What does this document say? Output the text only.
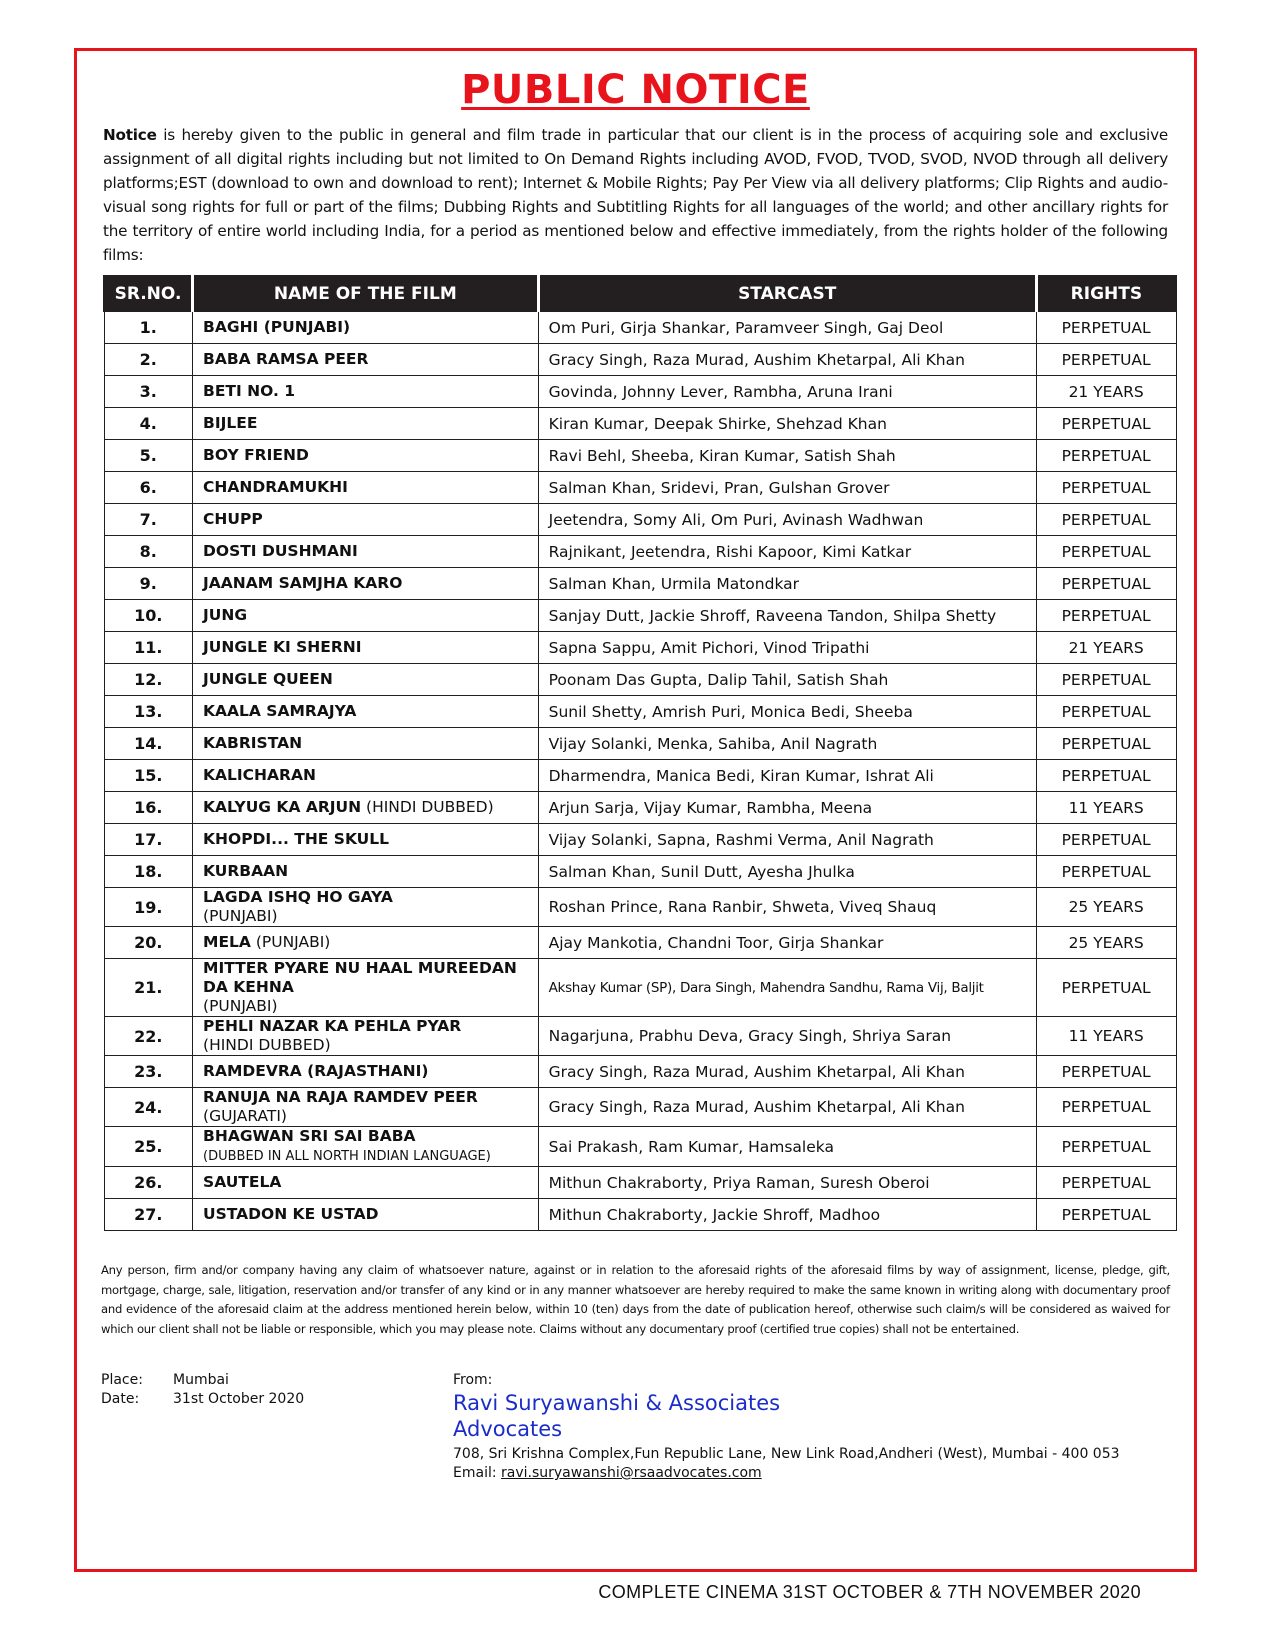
PUBLIC NOTICE
Notice is hereby given to the public in general and film trade in particular that our client is in the process of acquiring sole and exclusive assignment of all digital rights including but not limited to On Demand Rights including AVOD, FVOD, TVOD, SVOD, NVOD through all delivery platforms;EST (download to own and download to rent); Internet & Mobile Rights; Pay Per View via all delivery platforms; Clip Rights and audio-visual song rights for full or part of the films; Dubbing Rights and Subtitling Rights for all languages of the world; and other ancillary rights for the territory of entire world including India, for a period as mentioned below and effective immediately, from the rights holder of the following films:
SR.NO.	NAME OF THE FILM	STARCAST	RIGHTS
1.	BAGHI (PUNJABI)	Om Puri, Girja Shankar, Paramveer Singh, Gaj Deol	PERPETUAL
2.	BABA RAMSA PEER	Gracy Singh, Raza Murad, Aushim Khetarpal, Ali Khan	PERPETUAL
3.	BETI NO. 1	Govinda, Johnny Lever, Rambha, Aruna Irani	21 YEARS
4.	BIJLEE	Kiran Kumar, Deepak Shirke, Shehzad Khan	PERPETUAL
5.	BOY FRIEND	Ravi Behl, Sheeba, Kiran Kumar, Satish Shah	PERPETUAL
6.	CHANDRAMUKHI	Salman Khan, Sridevi, Pran, Gulshan Grover	PERPETUAL
7.	CHUPP	Jeetendra, Somy Ali, Om Puri, Avinash Wadhwan	PERPETUAL
8.	DOSTI DUSHMANI	Rajnikant, Jeetendra, Rishi Kapoor, Kimi Katkar	PERPETUAL
9.	JAANAM SAMJHA KARO	Salman Khan, Urmila Matondkar	PERPETUAL
10.	JUNG	Sanjay Dutt, Jackie Shroff, Raveena Tandon, Shilpa Shetty	PERPETUAL
11.	JUNGLE KI SHERNI	Sapna Sappu, Amit Pichori, Vinod Tripathi	21 YEARS
12.	JUNGLE QUEEN	Poonam Das Gupta, Dalip Tahil, Satish Shah	PERPETUAL
13.	KAALA SAMRAJYA	Sunil Shetty, Amrish Puri, Monica Bedi, Sheeba	PERPETUAL
14.	KABRISTAN	Vijay Solanki, Menka, Sahiba, Anil Nagrath	PERPETUAL
15.	KALICHARAN	Dharmendra, Manica Bedi, Kiran Kumar, Ishrat Ali	PERPETUAL
16.	KALYUG KA ARJUN (HINDI DUBBED)	Arjun Sarja, Vijay Kumar, Rambha, Meena	11 YEARS
17.	KHOPDI... THE SKULL	Vijay Solanki, Sapna, Rashmi Verma, Anil Nagrath	PERPETUAL
18.	KURBAAN	Salman Khan, Sunil Dutt, Ayesha Jhulka	PERPETUAL
19.	LAGDA ISHQ HO GAYA
(PUNJABI)	Roshan Prince, Rana Ranbir, Shweta, Viveq Shauq	25 YEARS
20.	MELA (PUNJABI)	Ajay Mankotia, Chandni Toor, Girja Shankar	25 YEARS
21.	MITTER PYARE NU HAAL MUREEDAN DA KEHNA
(PUNJABI)	Akshay Kumar (SP), Dara Singh, Mahendra Sandhu, Rama Vij, Baljit	PERPETUAL
22.	PEHLI NAZAR KA PEHLA PYAR
(HINDI DUBBED)	Nagarjuna, Prabhu Deva, Gracy Singh, Shriya Saran	11 YEARS
23.	RAMDEVRA (RAJASTHANI)	Gracy Singh, Raza Murad, Aushim Khetarpal, Ali Khan	PERPETUAL
24.	RANUJA NA RAJA RAMDEV PEER
(GUJARATI)	Gracy Singh, Raza Murad, Aushim Khetarpal, Ali Khan	PERPETUAL
25.	BHAGWAN SRI SAI BABA
(DUBBED IN ALL NORTH INDIAN LANGUAGE)	Sai Prakash, Ram Kumar, Hamsaleka	PERPETUAL
26.	SAUTELA	Mithun Chakraborty, Priya Raman, Suresh Oberoi	PERPETUAL
27.	USTADON KE USTAD	Mithun Chakraborty, Jackie Shroff, Madhoo	PERPETUAL
Any person, firm and/or company having any claim of whatsoever nature, against or in relation to the aforesaid rights of the aforesaid films by way of assignment, license, pledge, gift, mortgage, charge, sale, litigation, reservation and/or transfer of any kind or in any manner whatsoever are hereby required to make the same known in writing along with documentary proof and evidence of the aforesaid claim at the address mentioned herein below, within 10 (ten) days from the date of publication hereof, otherwise such claim/s will be considered as waived for which our client shall not be liable or responsible, which you may please note. Claims without any documentary proof (certified true copies) shall not be entertained.
Place: Mumbai
Date: 31st October 2020
From:
Ravi Suryawanshi & Associates
Advocates
708, Sri Krishna Complex,Fun Republic Lane, New Link Road,Andheri (West), Mumbai - 400 053
Email: ravi.suryawanshi@rsaadvocates.com
COMPLETE CINEMA 31ST OCTOBER & 7TH NOVEMBER 2020
